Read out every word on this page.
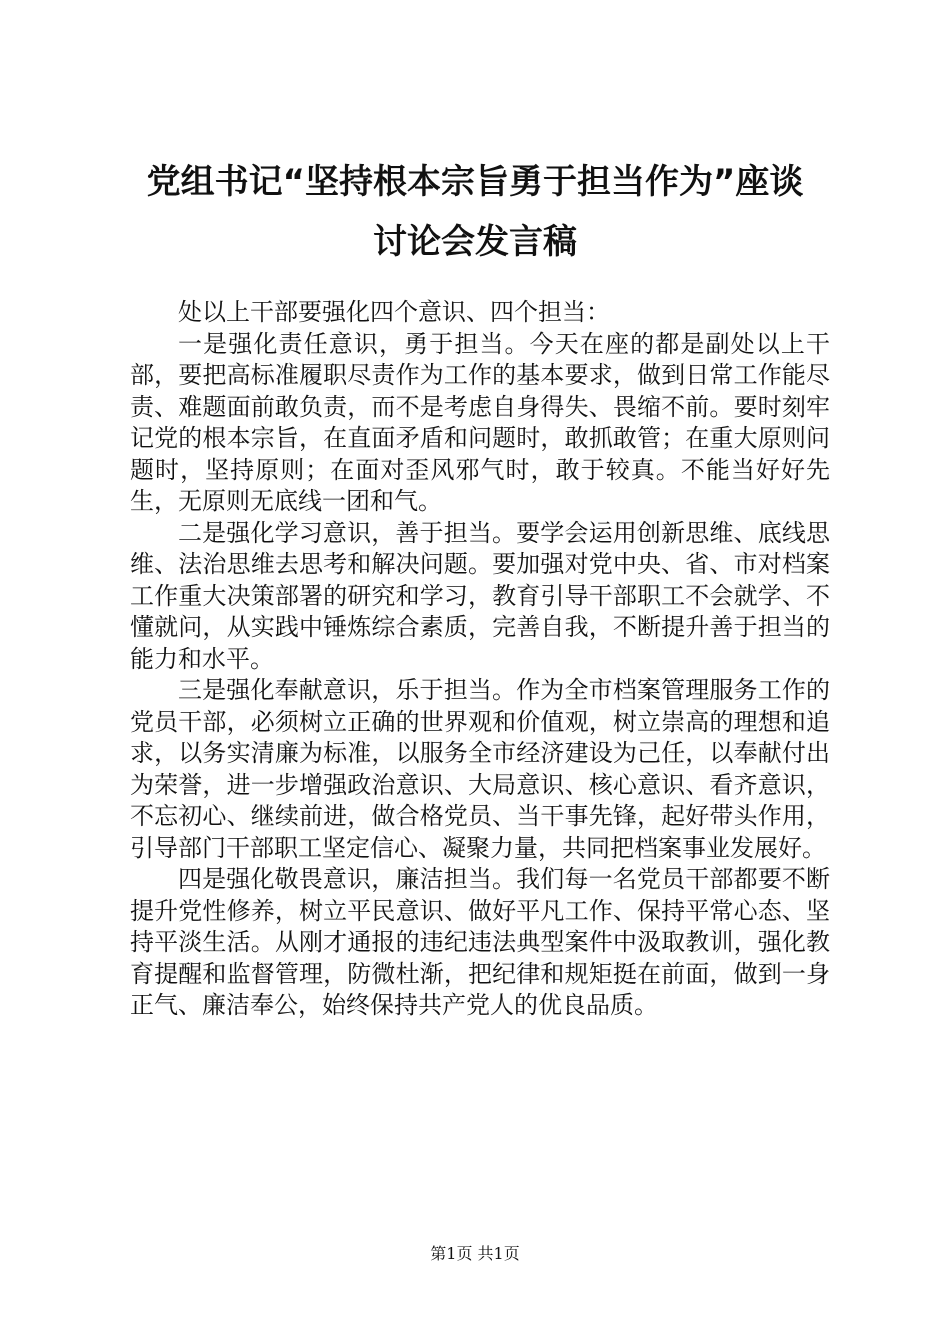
党组书记“坚持根本宗旨勇于担当作为”座谈
讨论会发言稿

处以上干部要强化四个意识、四个担当：

一是强化责任意识，勇于担当。今天在座的都是副处以上干部，要把高标准履职尽责作为工作的基本要求，做到日常工作能尽责、难题面前敢负责，而不是考虑自身得失、畏缩不前。要时刻牢记党的根本宗旨，在直面矛盾和问题时，敢抓敢管；在重大原则问题时，坚持原则；在面对歪风邪气时，敢于较真。不能当好好先生，无原则无底线一团和气。

二是强化学习意识，善于担当。要学会运用创新思维、底线思维、法治思维去思考和解决问题。要加强对党中央、省、市对档案工作重大决策部署的研究和学习，教育引导干部职工不会就学、不懂就问，从实践中锤炼综合素质，完善自我，不断提升善于担当的能力和水平。

三是强化奉献意识，乐于担当。作为全市档案管理服务工作的党员干部，必须树立正确的世界观和价值观，树立崇高的理想和追求，以务实清廉为标准，以服务全市经济建设为己任，以奉献付出为荣誉，进一步增强政治意识、大局意识、核心意识、看齐意识，不忘初心、继续前进，做合格党员、当干事先锋，起好带头作用，引导部门干部职工坚定信心、凝聚力量，共同把档案事业发展好。

四是强化敬畏意识，廉洁担当。我们每一名党员干部都要不断提升党性修养，树立平民意识、做好平凡工作、保持平常心态、坚持平淡生活。从刚才通报的违纪违法典型案件中汲取教训，强化教育提醒和监督管理，防微杜渐，把纪律和规矩挺在前面，做到一身正气、廉洁奉公，始终保持共产党人的优良品质。

第1页 共1页
